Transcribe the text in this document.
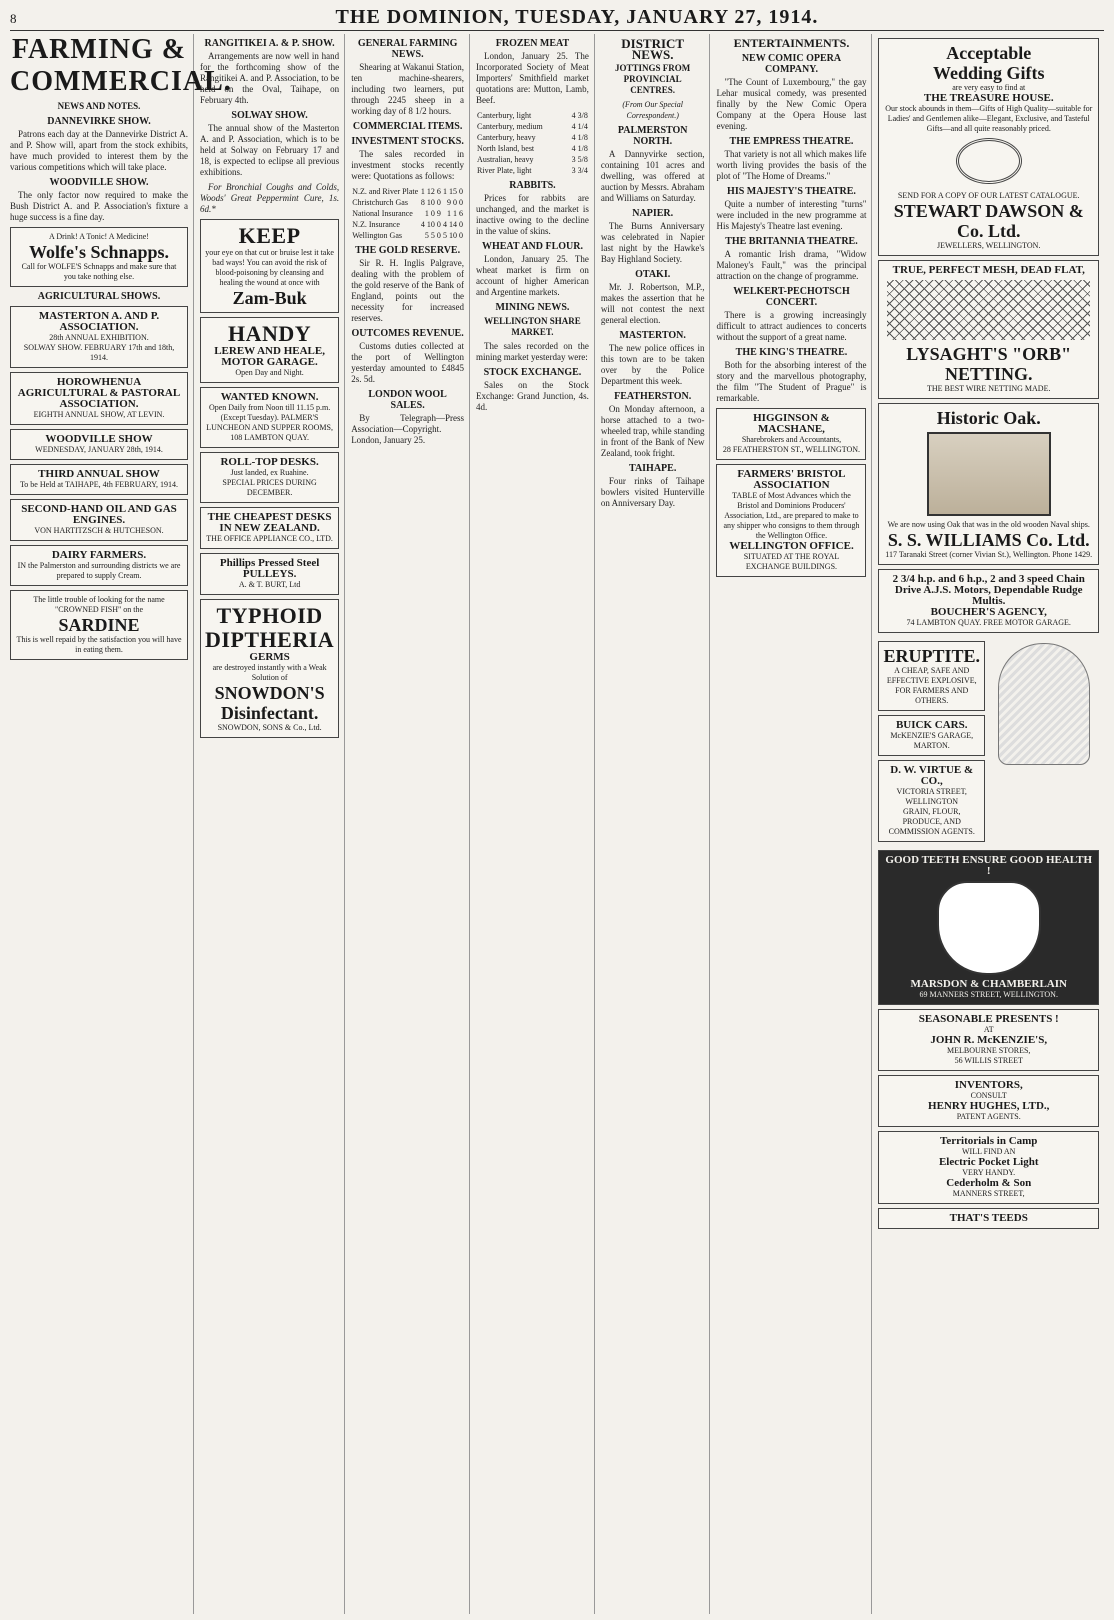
8	THE DOMINION, TUESDAY, JANUARY 27, 1914.
FARMING & COMMERCIAL.
NEWS AND NOTES.
DANNEVIRKE SHOW.

Patrons each day at the Dannevirke District A. and P. Show will, apart from the stock exhibits, have much provided to interest them by the various competitions which will take place.

WOODVILLE SHOW.

The only factor now required to make the Bush District A. and P. Association's fixture a huge success is a fine day.

A Drink! A Tonic! A Medicine!
Wolfe's Schnapps.
Call for WOLFE'S Schnapps and make sure that you take nothing else.
AGRICULTURAL SHOWS.
MASTERTON A. AND P. ASSOCIATION.
28th ANNUAL EXHIBITION.
SOLWAY SHOW. FEBRUARY 17th and 18th, 1914.
HOROWHENUA AGRICULTURAL & PASTORAL ASSOCIATION.
EIGHTH ANNUAL SHOW, AT LEVIN.
WOODVILLE SHOW
WEDNESDAY, JANUARY 28th, 1914.
THIRD ANNUAL SHOW
To be Held at TAIHAPE, 4th FEBRUARY, 1914.
SECOND-HAND OIL AND GAS ENGINES.
VON HARTITZSCH & HUTCHESON.
DAIRY FARMERS.
IN the Palmerston and surrounding districts we are prepared to supply Cream.
The little trouble of looking for the name "CROWNED FISH" on the
SARDINE
This is well repaid by the satisfaction you will have in eating them.
RANGITIKEI A. & P. SHOW.

Arrangements are now well in hand for the forthcoming show of the Rangitikei A. and P. Association, to be held on the Oval, Taihape, on February 4th.

SOLWAY SHOW.

The annual show of the Masterton A. and P. Association, which is to be held at Solway on February 17 and 18, is expected to eclipse all previous exhibitions.

For Bronchial Coughs and Colds, Woods' Great Peppermint Cure, 1s. 6d.*

KEEP
your eye on that cut or bruise lest it take bad ways! You can avoid the risk of blood-poisoning by cleansing and healing the wound at once with
Zam-Buk
HANDY
LEREW AND HEALE, MOTOR GARAGE.
Open Day and Night.
WANTED KNOWN.
Open Daily from Noon till 11.15 p.m. (Except Tuesday). PALMER'S LUNCHEON AND SUPPER ROOMS, 108 LAMBTON QUAY.
ROLL-TOP DESKS.
Just landed, ex Ruahine.
SPECIAL PRICES DURING DECEMBER.
THE CHEAPEST DESKS IN NEW ZEALAND.
THE OFFICE APPLIANCE CO., LTD.
Phillips Pressed Steel PULLEYS.
A. & T. BURT, Ltd
TYPHOID
DIPTHERIA
GERMS
are destroyed instantly with a Weak Solution of
SNOWDON'S Disinfectant.
SNOWDON, SONS & Co., Ltd.
GENERAL FARMING NEWS.

Shearing at Wakanui Station, ten machine-shearers, including two learners, put through 2245 sheep in a working day of 8 1/2 hours.

COMMERCIAL ITEMS.
INVESTMENT STOCKS.

The sales recorded in investment stocks recently were: Quotations as follows:

N.Z. and River Plate	1 12 6	1 15 0
Christchurch Gas	8 10 0	9 0 0
National Insurance	1 0 9	1 1 6
N.Z. Insurance	4 10 0	4 14 0
Wellington Gas	5 5 0	5 10 0
THE GOLD RESERVE.

Sir R. H. Inglis Palgrave, dealing with the problem of the gold reserve of the Bank of England, points out the necessity for increased reserves.

OUTCOMES REVENUE.

Customs duties collected at the port of Wellington yesterday amounted to £4845 2s. 5d.

LONDON WOOL SALES.

By Telegraph—Press Association—Copyright. London, January 25.

FROZEN MEAT

London, January 25. The Incorporated Society of Meat Importers' Smithfield market quotations are: Mutton, Lamb, Beef.

Canterbury, light	4 3/8
Canterbury, medium	4 1/4
Canterbury, heavy	4 1/8
North Island, best	4 1/8
Australian, heavy	3 5/8
River Plate, light	3 3/4
RABBITS.

Prices for rabbits are unchanged, and the market is inactive owing to the decline in the value of skins.

WHEAT AND FLOUR.

London, January 25. The wheat market is firm on account of higher American and Argentine markets.

MINING NEWS.
WELLINGTON SHARE MARKET.

The sales recorded on the mining market yesterday were:

STOCK EXCHANGE.

Sales on the Stock Exchange: Grand Junction, 4s. 4d.

DISTRICT NEWS.
JOTTINGS FROM PROVINCIAL CENTRES.
(From Our Special Correspondent.)
PALMERSTON NORTH.

A Dannyvirke section, containing 101 acres and dwelling, was offered at auction by Messrs. Abraham and Williams on Saturday.

NAPIER.

The Burns Anniversary was celebrated in Napier last night by the Hawke's Bay Highland Society.

OTAKI.

Mr. J. Robertson, M.P., makes the assertion that he will not contest the next general election.

MASTERTON.

The new police offices in this town are to be taken over by the Police Department this week.

FEATHERSTON.

On Monday afternoon, a horse attached to a two-wheeled trap, while standing in front of the Bank of New Zealand, took fright.

TAIHAPE.

Four rinks of Taihape bowlers visited Hunterville on Anniversary Day.

ENTERTAINMENTS.
NEW COMIC OPERA COMPANY.

"The Count of Luxembourg," the gay Lehar musical comedy, was presented finally by the New Comic Opera Company at the Opera House last evening.

THE EMPRESS THEATRE.

That variety is not all which makes life worth living provides the basis of the plot of "The Home of Dreams."

HIS MAJESTY'S THEATRE.

Quite a number of interesting "turns" were included in the new programme at His Majesty's Theatre last evening.

THE BRITANNIA THEATRE.

A romantic Irish drama, "Widow Maloney's Fault," was the principal attraction on the change of programme.

WELKERT-PECHOTSCH CONCERT.

There is a growing increasingly difficult to attract audiences to concerts without the support of a great name.

THE KING'S THEATRE.

Both for the absorbing interest of the story and the marvellous photography, the film "The Student of Prague" is remarkable.

HIGGINSON & MACSHANE,
Sharebrokers and Accountants,
28 FEATHERSTON ST., WELLINGTON.
FARMERS' BRISTOL ASSOCIATION
TABLE of Most Advances which the Bristol and Dominions Producers' Association, Ltd., are prepared to make to any shipper who consigns to them through the Wellington Office.
WELLINGTON OFFICE.
SITUATED AT THE ROYAL EXCHANGE BUILDINGS.
Acceptable
Wedding Gifts
are very easy to find at
THE TREASURE HOUSE.
Our stock abounds in them—Gifts of High Quality—suitable for Ladies' and Gentlemen alike—Elegant, Exclusive, and Tasteful Gifts—and all quite reasonably priced.
SEND FOR A COPY OF OUR LATEST CATALOGUE.
STEWART DAWSON & Co. Ltd.
JEWELLERS, WELLINGTON.
TRUE, PERFECT MESH, DEAD FLAT,
LYSAGHT'S "ORB" NETTING.
THE BEST WIRE NETTING MADE.
Historic Oak.
We are now using Oak that was in the old wooden Naval ships.
S. S. WILLIAMS Co. Ltd.
117 Taranaki Street (corner Vivian St.), Wellington. Phone 1429.
2 3/4 h.p. and 6 h.p., 2 and 3 speed Chain Drive A.J.S. Motors, Dependable Rudge Multis.
BOUCHER'S AGENCY,
74 LAMBTON QUAY. FREE MOTOR GARAGE.
ERUPTITE.
A CHEAP, SAFE AND EFFECTIVE EXPLOSIVE, FOR FARMERS AND OTHERS.
BUICK CARS.
McKENZIE'S GARAGE,
MARTON.
D. W. VIRTUE & CO.,
VICTORIA STREET, WELLINGTON
GRAIN, FLOUR, PRODUCE, AND COMMISSION AGENTS.
GOOD TEETH ENSURE GOOD HEALTH !
MARSDON & CHAMBERLAIN
69 MANNERS STREET, WELLINGTON.
SEASONABLE PRESENTS !
AT
JOHN R. McKENZIE'S,
MELBOURNE STORES,
56 WILLIS STREET
INVENTORS,
CONSULT
HENRY HUGHES, LTD.,
PATENT AGENTS.
Territorials in Camp
WILL FIND AN
Electric Pocket Light
VERY HANDY.
Cederholm & Son
MANNERS STREET,
THAT'S TEEDS
